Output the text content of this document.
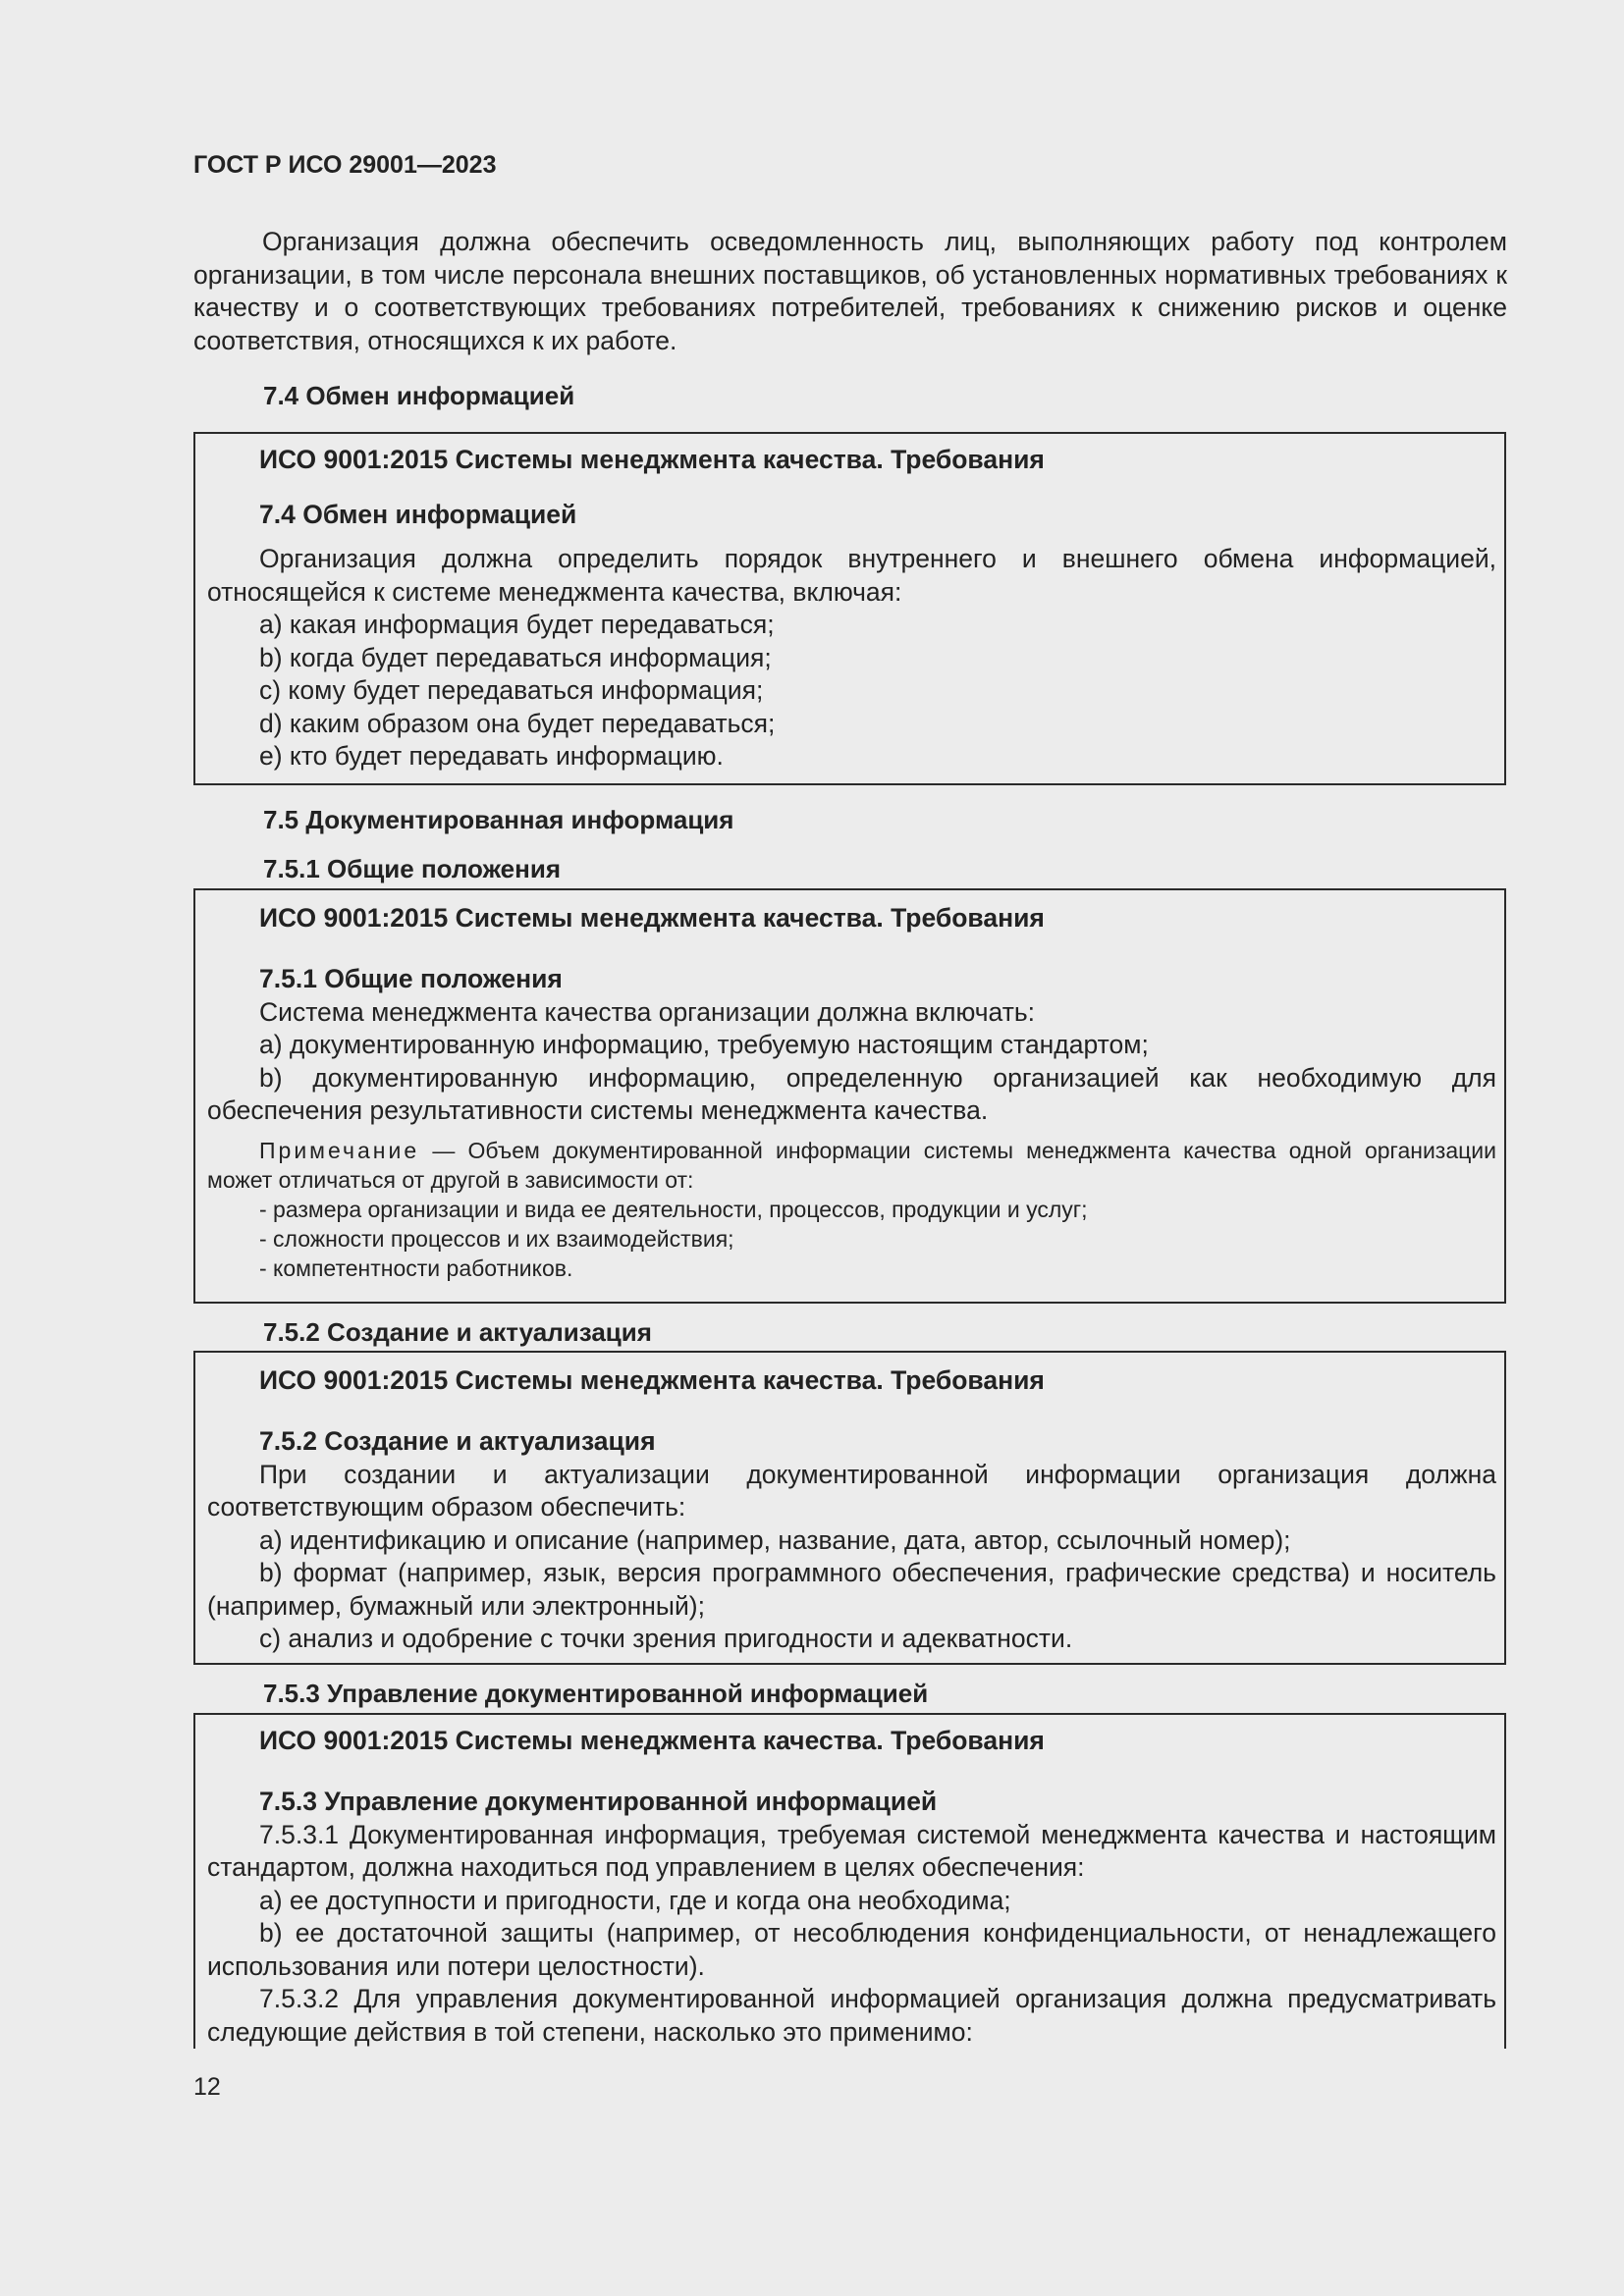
ГОСТ Р ИСО 29001—2023

Организация должна обеспечить осведомленность лиц, выполняющих работу под контролем организации, в том числе персонала внешних поставщиков, об установленных нормативных требованиях к качеству и о соответствующих требованиях потребителей, требованиях к снижению рисков и оценке соответствия, относящихся к их работе.

7.4 Обмен информацией

ИСО 9001:2015 Системы менеджмента качества. Требования

7.4 Обмен информацией

Организация должна определить порядок внутреннего и внешнего обмена информацией, относящейся к системе менеджмента качества, включая:

a) какая информация будет передаваться;

b) когда будет передаваться информация;

c) кому будет передаваться информация;

d) каким образом она будет передаваться;

e) кто будет передавать информацию.

7.5 Документированная информация
7.5.1 Общие положения

ИСО 9001:2015 Системы менеджмента качества. Требования

7.5.1 Общие положения

Система менеджмента качества организации должна включать:

a) документированную информацию, требуемую настоящим стандартом;

b) документированную информацию, определенную организацией как необходимую для обеспечения результативности системы менеджмента качества.

Примечание — Объем документированной информации системы менеджмента качества одной организации может отличаться от другой в зависимости от:

- размера организации и вида ее деятельности, процессов, продукции и услуг;

- сложности процессов и их взаимодействия;

- компетентности работников.

7.5.2 Создание и актуализация

ИСО 9001:2015 Системы менеджмента качества. Требования

7.5.2 Создание и актуализация

При создании и актуализации документированной информации организация должна соответствующим образом обеспечить:

a) идентификацию и описание (например, название, дата, автор, ссылочный номер);

b) формат (например, язык, версия программного обеспечения, графические средства) и носитель (например, бумажный или электронный);

c) анализ и одобрение с точки зрения пригодности и адекватности.

7.5.3 Управление документированной информацией

ИСО 9001:2015 Системы менеджмента качества. Требования

7.5.3 Управление документированной информацией

7.5.3.1 Документированная информация, требуемая системой менеджмента качества и настоящим стандартом, должна находиться под управлением в целях обеспечения:

a) ее доступности и пригодности, где и когда она необходима;

b) ее достаточной защиты (например, от несоблюдения конфиденциальности, от ненадлежащего использования или потери целостности).

7.5.3.2 Для управления документированной информацией организация должна предусматривать следующие действия в той степени, насколько это применимо:

12
